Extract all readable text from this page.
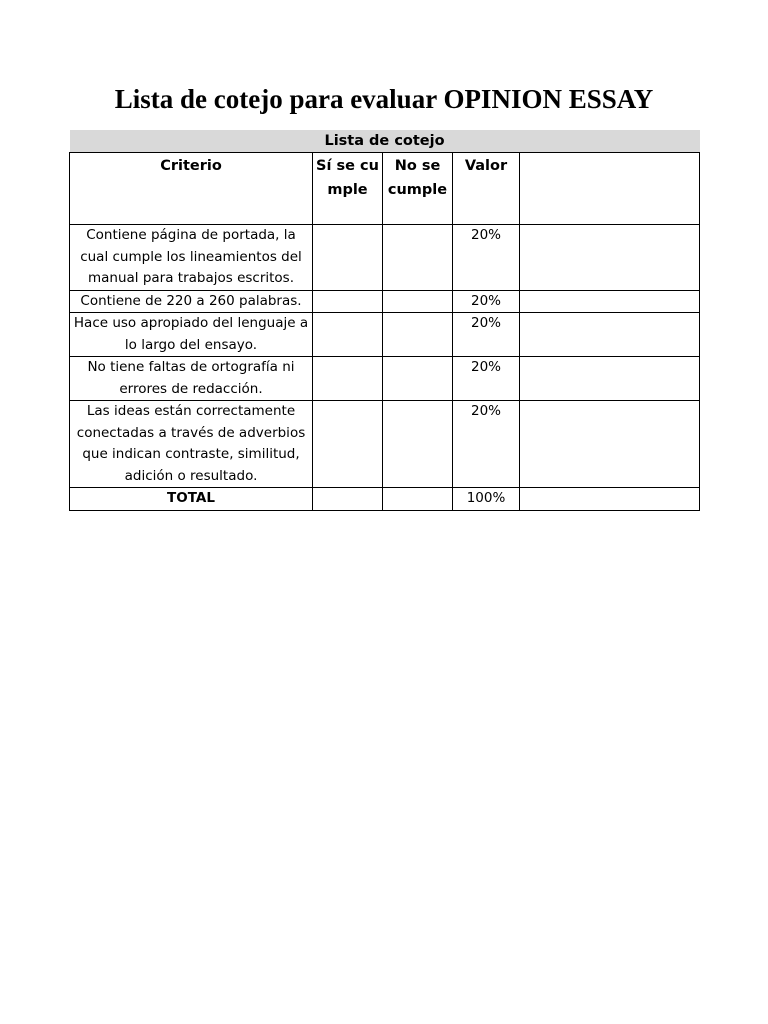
Lista de cotejo para evaluar OPINION ESSAY
Lista de cotejo				
Criterio	Sí se cumple	No se cumple	Valor	
Contiene página de portada, la cual cumple los lineamientos del manual para trabajos escritos.			20%	
Contiene de 220 a 260 palabras.			20%	
Hace uso apropiado del lenguaje a lo largo del ensayo.			20%	
No tiene faltas de ortografía ni errores de redacción.			20%	
Las ideas están correctamente conectadas a través de adverbios que indican contraste, similitud, adición o resultado.			20%	
TOTAL			100%	
